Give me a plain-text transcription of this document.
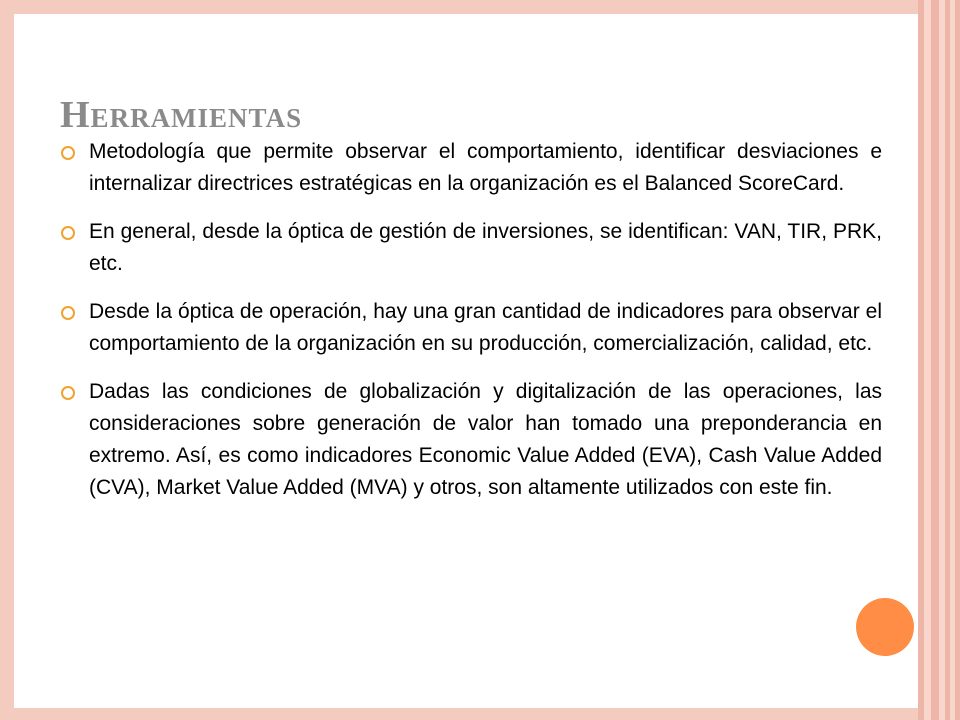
Herramientas
Metodología que permite observar el comportamiento, identificar desviaciones e internalizar directrices estratégicas en la organización es el Balanced ScoreCard.
En general, desde la óptica de gestión de inversiones, se identifican: VAN, TIR, PRK, etc.
Desde la óptica de operación, hay una gran cantidad de indicadores para observar el comportamiento de la organización en su producción, comercialización, calidad, etc.
Dadas las condiciones de globalización y digitalización de las operaciones, las consideraciones sobre generación de valor han tomado una preponderancia en extremo. Así, es como indicadores Economic Value Added (EVA), Cash Value Added (CVA), Market Value Added (MVA) y otros, son altamente utilizados con este fin.
